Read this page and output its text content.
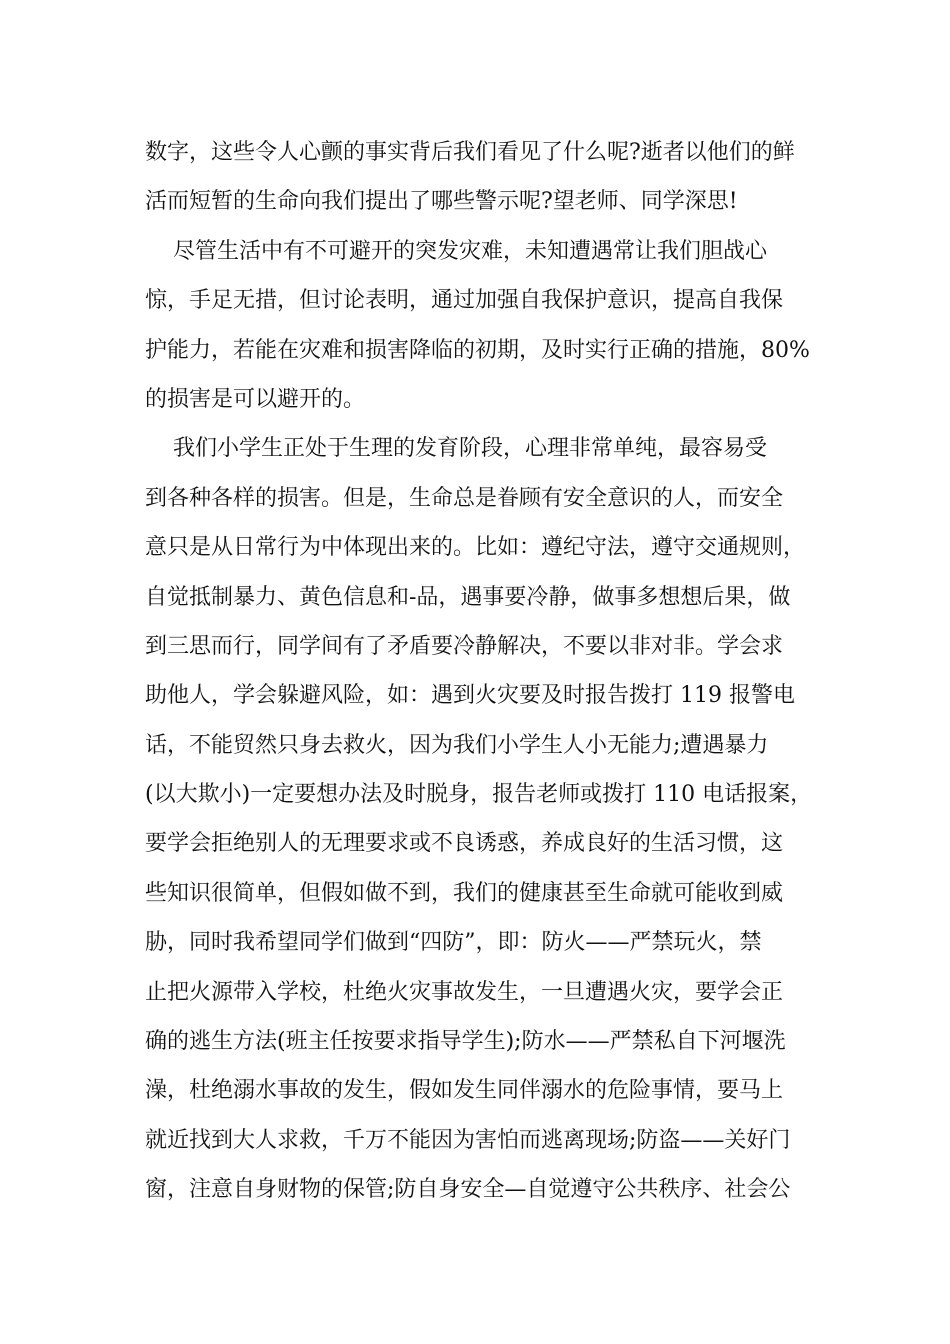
数字，这些令人心颤的事实背后我们看见了什么呢?逝者以他们的鲜
活而短暂的生命向我们提出了哪些警示呢?望老师、同学深思!
尽管生活中有不可避开的突发灾难，未知遭遇常让我们胆战心
惊，手足无措，但讨论表明，通过加强自我保护意识，提高自我保
护能力，若能在灾难和损害降临的初期，及时实行正确的措施，80%
的损害是可以避开的。
我们小学生正处于生理的发育阶段，心理非常单纯，最容易受
到各种各样的损害。但是，生命总是眷顾有安全意识的人，而安全
意只是从日常行为中体现出来的。比如：遵纪守法，遵守交通规则，
自觉抵制暴力、黄色信息和-品，遇事要冷静，做事多想想后果，做
到三思而行，同学间有了矛盾要冷静解决，不要以非对非。学会求
助他人，学会躲避风险，如：遇到火灾要及时报告拨打 119 报警电
话，不能贸然只身去救火，因为我们小学生人小无能力;遭遇暴力
(以大欺小)一定要想办法及时脱身，报告老师或拨打 110 电话报案，
要学会拒绝别人的无理要求或不良诱惑，养成良好的生活习惯，这
些知识很简单，但假如做不到，我们的健康甚至生命就可能收到威
胁，同时我希望同学们做到“四防”，即：防火——严禁玩火，禁
止把火源带入学校，杜绝火灾事故发生，一旦遭遇火灾，要学会正
确的逃生方法(班主任按要求指导学生);防水——严禁私自下河堰洗
澡，杜绝溺水事故的发生，假如发生同伴溺水的危险事情，要马上
就近找到大人求救，千万不能因为害怕而逃离现场;防盗——关好门
窗，注意自身财物的保管;防自身安全—自觉遵守公共秩序、社会公
